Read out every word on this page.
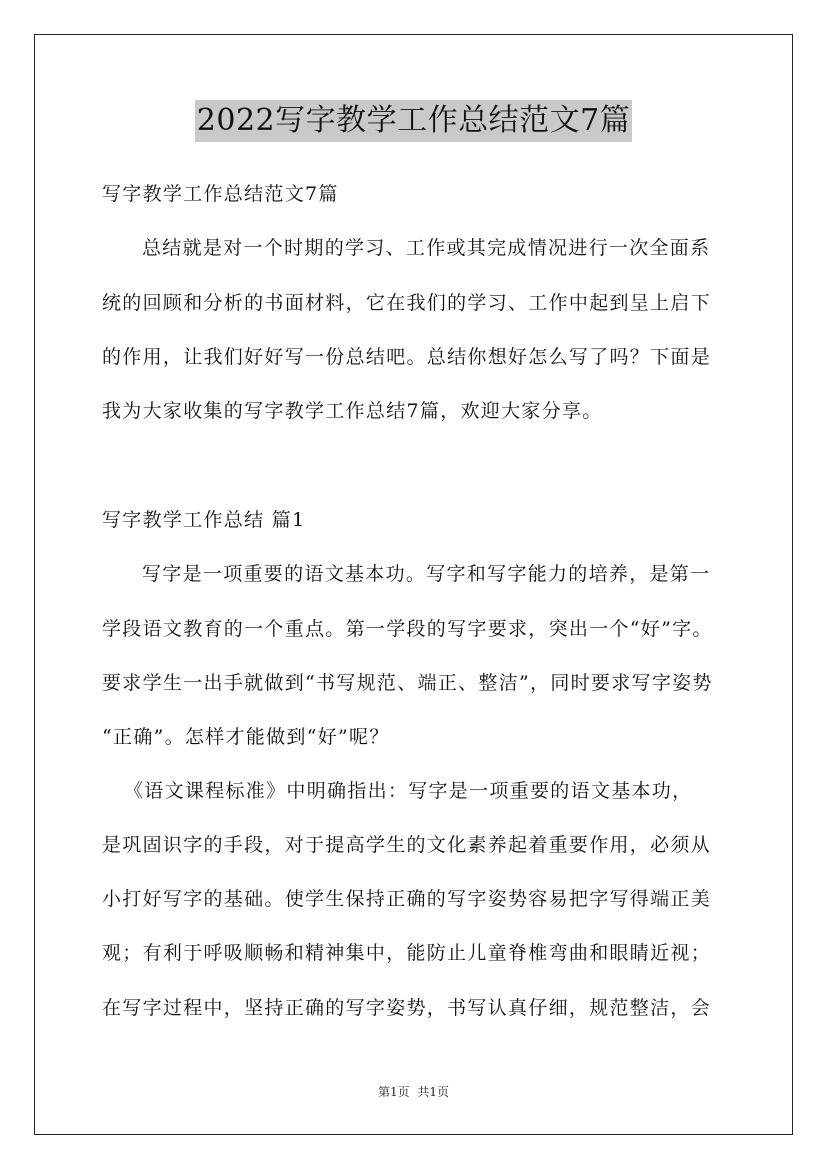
2022写字教学工作总结范文7篇
写字教学工作总结范文7篇
总结就是对一个时期的学习、工作或其完成情况进行一次全面系
统的回顾和分析的书面材料，它在我们的学习、工作中起到呈上启下
的作用，让我们好好写一份总结吧。总结你想好怎么写了吗？下面是
我为大家收集的写字教学工作总结7篇，欢迎大家分享。
写字教学工作总结 篇1
写字是一项重要的语文基本功。写字和写字能力的培养，是第一
学段语文教育的一个重点。第一学段的写字要求，突出一个“好”字。
要求学生一出手就做到“书写规范、端正、整洁”，同时要求写字姿势
“正确”。怎样才能做到“好”呢？
《语文课程标准》中明确指出：写字是一项重要的语文基本功，
是巩固识字的手段，对于提高学生的文化素养起着重要作用，必须从
小打好写字的基础。使学生保持正确的写字姿势容易把字写得端正美
观；有利于呼吸顺畅和精神集中，能防止儿童脊椎弯曲和眼睛近视；
在写字过程中，坚持正确的写字姿势，书写认真仔细，规范整洁，会
第1页 共1页
